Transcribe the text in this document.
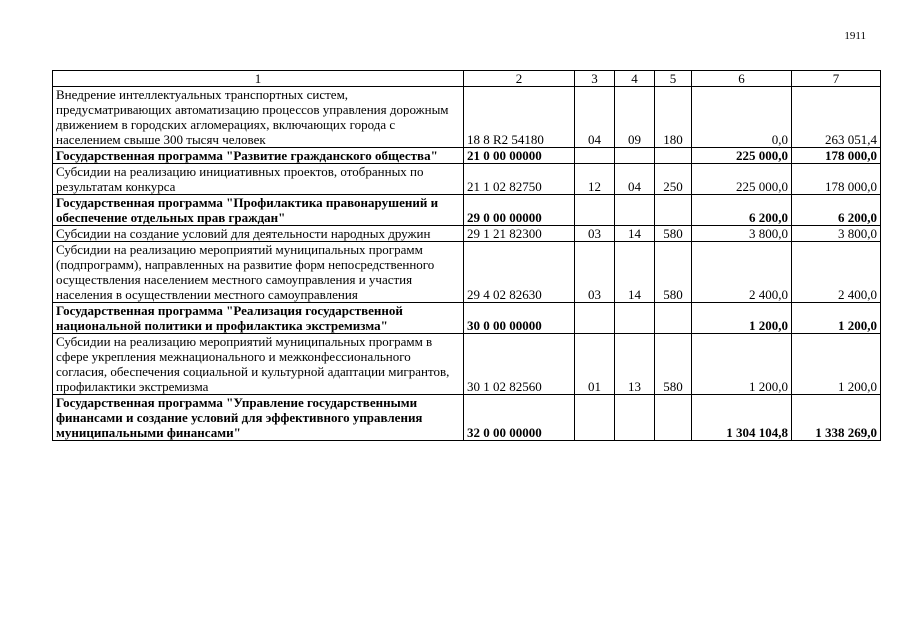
1911
1	2	3	4	5	6	7
Внедрение интеллектуальных транспортных систем, предусматривающих автоматизацию процессов управления дорожным движением в городских агломерациях, включающих города с населением свыше 300 тысяч человек	18 8 R2 54180	04	09	180	0,0	263 051,4
Государственная программа "Развитие гражданского общества"	21 0 00 00000				225 000,0	178 000,0
Субсидии на реализацию инициативных проектов, отобранных по результатам конкурса	21 1 02 82750	12	04	250	225 000,0	178 000,0
Государственная программа "Профилактика правонарушений и обеспечение отдельных прав граждан"	29 0 00 00000				6 200,0	6 200,0
Субсидии на создание условий для деятельности народных дружин	29 1 21 82300	03	14	580	3 800,0	3 800,0
Субсидии на реализацию мероприятий муниципальных программ (подпрограмм), направленных на развитие форм непосредственного осуществления населением местного самоуправления и участия населения в осуществлении местного самоуправления	29 4 02 82630	03	14	580	2 400,0	2 400,0
Государственная программа "Реализация государственной национальной политики и профилактика экстремизма"	30 0 00 00000				1 200,0	1 200,0
Субсидии на реализацию мероприятий муниципальных программ в сфере укрепления межнационального и межконфессионального согласия, обеспечения социальной и культурной адаптации мигрантов, профилактики экстремизма	30 1 02 82560	01	13	580	1 200,0	1 200,0
Государственная программа "Управление государственными финансами и создание условий для эффективного управления муниципальными финансами"	32 0 00 00000				1 304 104,8	1 338 269,0
